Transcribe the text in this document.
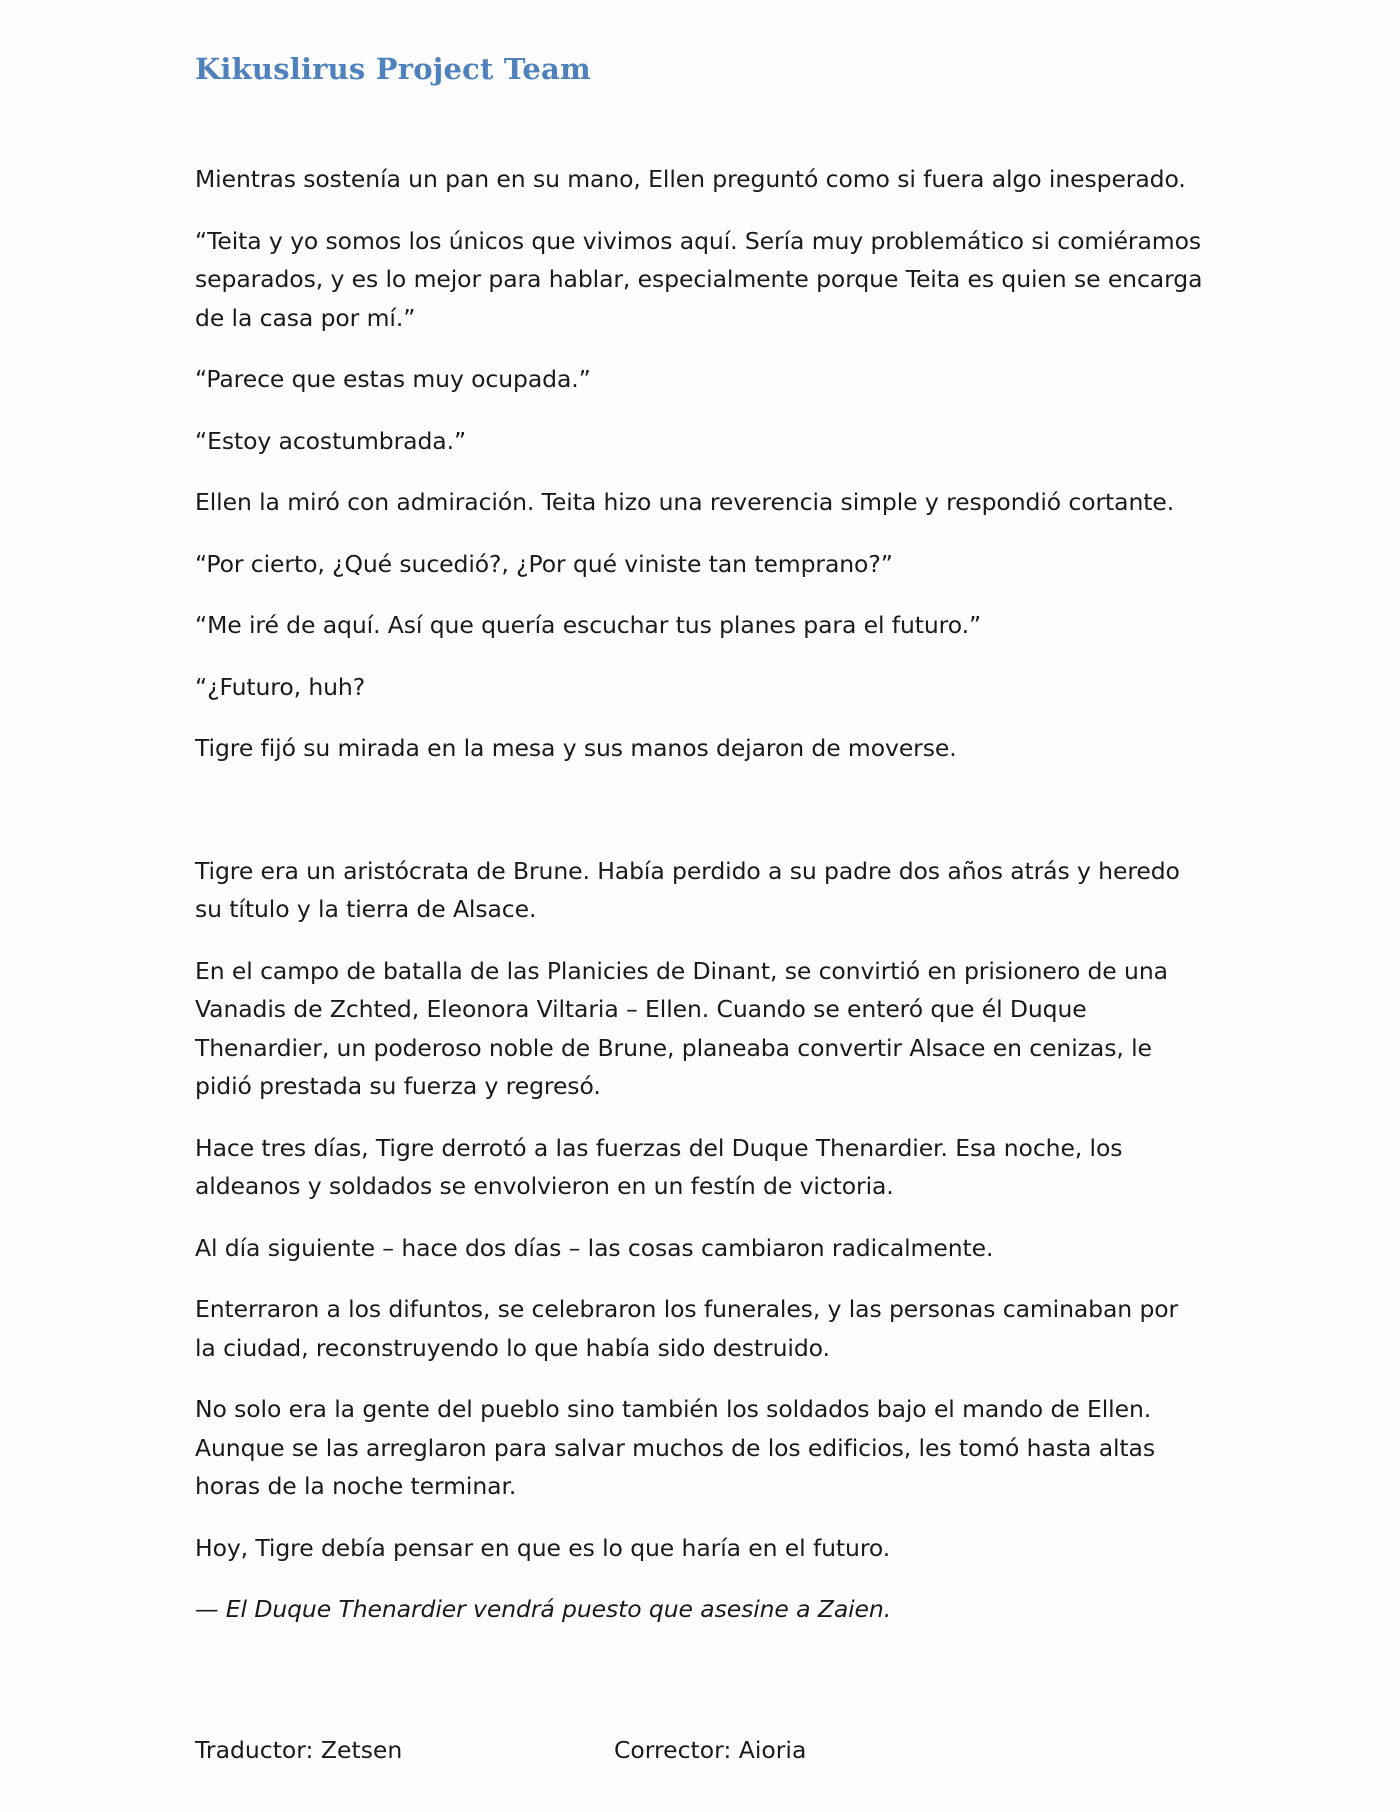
Kikuslirus Project Team

Mientras sostenía un pan en su mano, Ellen preguntó como si fuera algo inesperado.

“Teita y yo somos los únicos que vivimos aquí. Sería muy problemático si comiéramos separados, y es lo mejor para hablar, especialmente porque Teita es quien se encarga de la casa por mí.”

“Parece que estas muy ocupada.”

“Estoy acostumbrada.”

Ellen la miró con admiración. Teita hizo una reverencia simple y respondió cortante.

“Por cierto, ¿Qué sucedió?, ¿Por qué viniste tan temprano?”

“Me iré de aquí. Así que quería escuchar tus planes para el futuro.”

“¿Futuro, huh?

Tigre fijó su mirada en la mesa y sus manos dejaron de moverse.

Tigre era un aristócrata de Brune. Había perdido a su padre dos años atrás y heredo su título y la tierra de Alsace.

En el campo de batalla de las Planicies de Dinant, se convirtió en prisionero de una Vanadis de Zchted, Eleonora Viltaria – Ellen. Cuando se enteró que él Duque Thenardier, un poderoso noble de Brune, planeaba convertir Alsace en cenizas, le pidió prestada su fuerza y regresó.

Hace tres días, Tigre derrotó a las fuerzas del Duque Thenardier. Esa noche, los aldeanos y soldados se envolvieron en un festín de victoria.

Al día siguiente – hace dos días – las cosas cambiaron radicalmente.

Enterraron a los difuntos, se celebraron los funerales, y las personas caminaban por la ciudad, reconstruyendo lo que había sido destruido.

No solo era la gente del pueblo sino también los soldados bajo el mando de Ellen. Aunque se las arreglaron para salvar muchos de los edificios, les tomó hasta altas horas de la noche terminar.

Hoy, Tigre debía pensar en que es lo que haría en el futuro.

— El Duque Thenardier vendrá puesto que asesine a Zaien.

Traductor: Zetsen	Corrector: Aioria
